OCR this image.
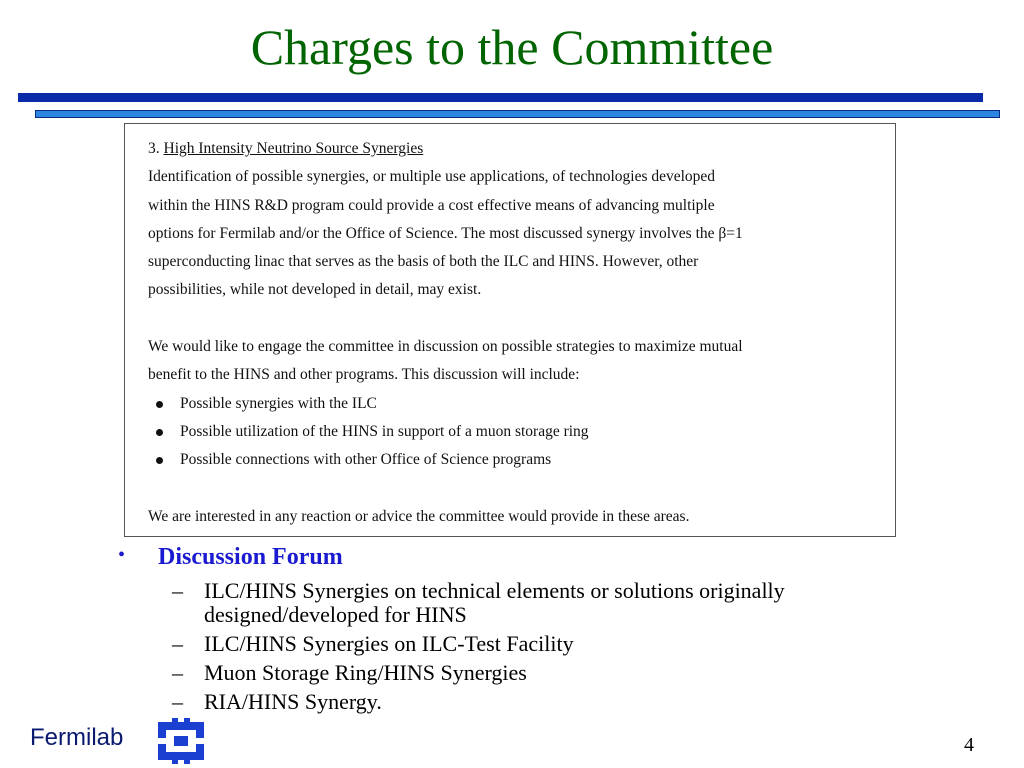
Charges to the Committee
3. High Intensity Neutrino Source Synergies
Identification of possible synergies, or multiple use applications, of technologies developed
within the HINS R&D program could provide a cost effective means of advancing multiple
options for Fermilab and/or the Office of Science. The most discussed synergy involves the β=1
superconducting linac that serves as the basis of both the ILC and HINS. However, other
possibilities, while not developed in detail, may exist.
We would like to engage the committee in discussion on possible strategies to maximize mutual
benefit to the HINS and other programs. This discussion will include:
Possible synergies with the ILC
Possible utilization of the HINS in support of a muon storage ring
Possible connections with other Office of Science programs
We are interested in any reaction or advice the committee would provide in these areas.
• Discussion Forum
– ILC/HINS Synergies on technical elements or solutions originally designed/developed for HINS
– ILC/HINS Synergies on ILC-Test Facility
– Muon Storage Ring/HINS Synergies
– RIA/HINS Synergy.
Fermilab	4
